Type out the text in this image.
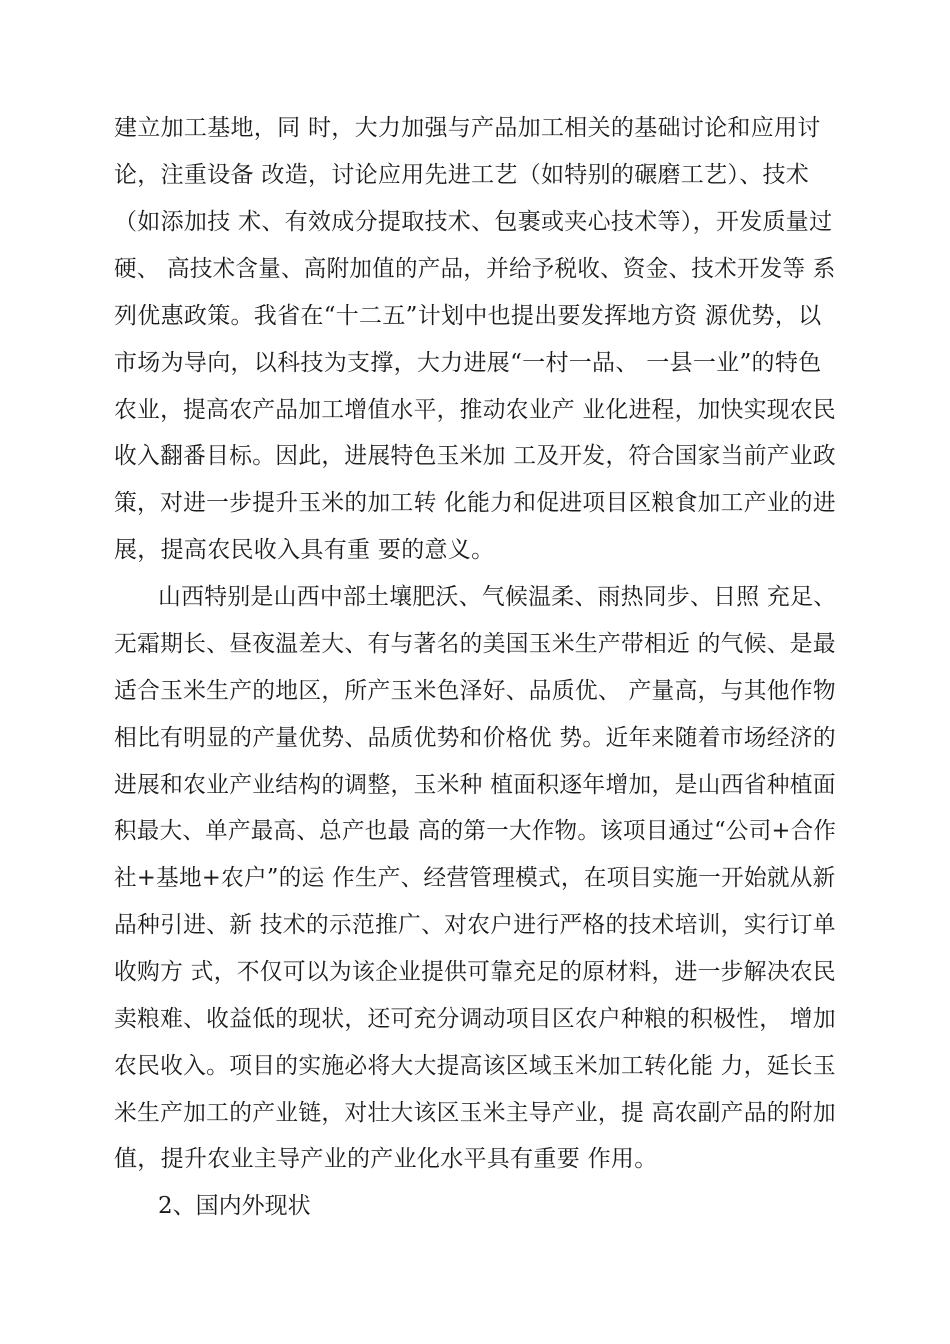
建立加工基地，同 时，大力加强与产品加工相关的基础讨论和应用讨
论，注重设备 改造，讨论应用先进工艺（如特别的碾磨工艺）、技术
（如添加技 术、有效成分提取技术、包裹或夹心技术等），开发质量过
硬、 高技术含量、高附加值的产品，并给予税收、资金、技术开发等 系
列优惠政策。我省在“十二五”计划中也提出要发挥地方资 源优势，以
市场为导向，以科技为支撑，大力进展“一村一品、 一县一业”的特色
农业，提高农产品加工增值水平，推动农业产 业化进程，加快实现农民
收入翻番目标。因此，进展特色玉米加 工及开发，符合国家当前产业政
策，对进一步提升玉米的加工转 化能力和促进项目区粮食加工产业的进
展，提高农民收入具有重 要的意义。
山西特别是山西中部土壤肥沃、气候温柔、雨热同步、日照 充足、
无霜期长、昼夜温差大、有与著名的美国玉米生产带相近 的气候、是最
适合玉米生产的地区，所产玉米色泽好、品质优、 产量高，与其他作物
相比有明显的产量优势、品质优势和价格优 势。近年来随着市场经济的
进展和农业产业结构的调整，玉米种 植面积逐年增加，是山西省种植面
积最大、单产最高、总产也最 高的第一大作物。该项目通过“公司+合作
社+基地+农户”的运 作生产、经营管理模式，在项目实施一开始就从新
品种引进、新 技术的示范推广、对农户进行严格的技术培训，实行订单
收购方 式，不仅可以为该企业提供可靠充足的原材料，进一步解决农民
卖粮难、收益低的现状，还可充分调动项目区农户种粮的积极性， 增加
农民收入。项目的实施必将大大提高该区域玉米加工转化能 力，延长玉
米生产加工的产业链，对壮大该区玉米主导产业，提 高农副产品的附加
值，提升农业主导产业的产业化水平具有重要 作用。
2、国内外现状
